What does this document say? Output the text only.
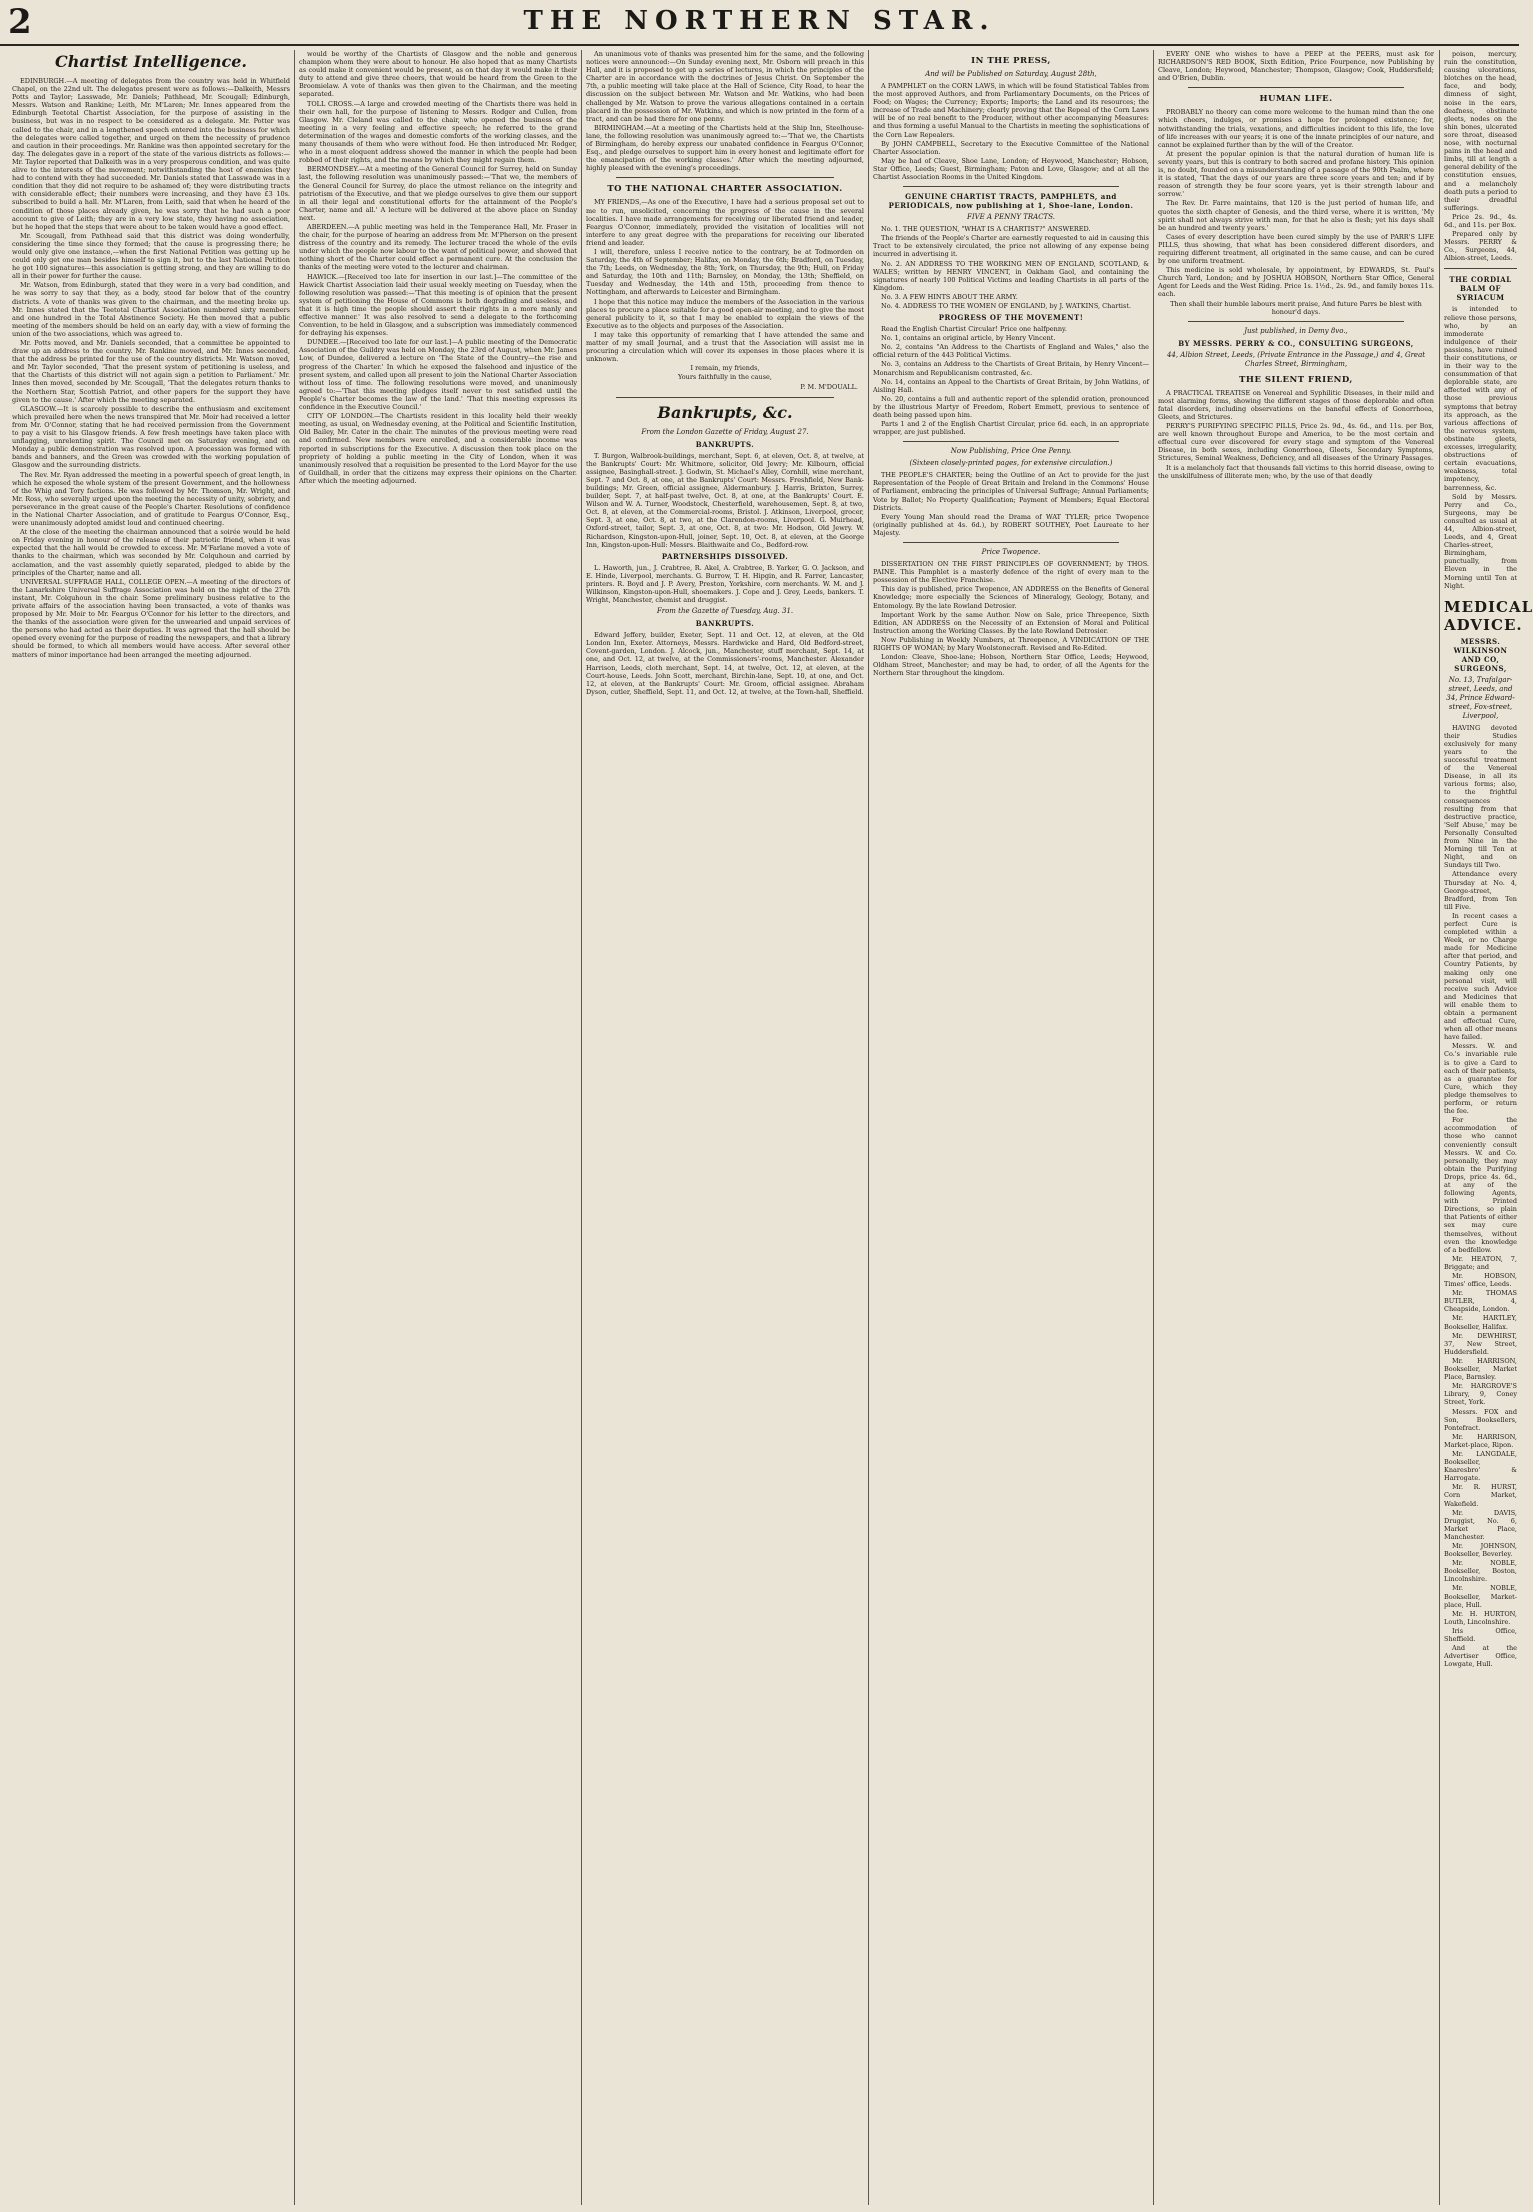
2	THE NORTHERN STAR.
Chartist Intelligence.

EDINBURGH.—A meeting of delegates from the country was held in Whitfield Chapel, on the 22nd ult. The delegates present were as follows:—Dalkeith, Messrs Potts and Taylor; Lasswade, Mr. Daniels; Pathhead, Mr. Scougall; Edinburgh, Messrs. Watson and Rankine; Leith, Mr. M'Laren; Mr. Innes appeared from the Edinburgh Teetotal Chartist Association, for the purpose of assisting in the business, but was in no respect to be considered as a delegate. Mr. Potter was called to the chair, and in a lengthened speech entered into the business for which the delegates were called together, and urged on them the necessity of prudence and caution in their proceedings. Mr. Rankine was then appointed secretary for the day. The delegates gave in a report of the state of the various districts as follows:—Mr. Taylor reported that Dalkeith was in a very prosperous condition, and was quite alive to the interests of the movement; notwithstanding the host of enemies they had to contend with they had succeeded. Mr. Daniels stated that Lasswade was in a condition that they did not require to be ashamed of; they were distributing tracts with considerable effect; their numbers were increasing, and they have £3 10s. subscribed to build a hall. Mr. M'Laren, from Leith, said that when he heard of the condition of those places already given, he was sorry that he had such a poor account to give of Leith; they are in a very low state, they having no association, but he hoped that the steps that were about to be taken would have a good effect.

Mr. Scougall, from Pathhead said that this district was doing wonderfully, considering the time since they formed; that the cause is progressing there; he would only give one instance,—when the first National Petition was getting up he could only get one man besides himself to sign it, but to the last National Petition he got 100 signatures—this association is getting strong, and they are willing to do all in their power for further the cause.

Mr. Watson, from Edinburgh, stated that they were in a very bad condition, and he was sorry to say that they, as a body, stood far below that of the country districts. A vote of thanks was given to the chairman, and the meeting broke up. Mr. Innes stated that the Teetotal Chartist Association numbered sixty members and one hundred in the Total Abstinence Society. He then moved that a public meeting of the members should be held on an early day, with a view of forming the union of the two associations, which was agreed to.

Mr. Potts moved, and Mr. Daniels seconded, that a committee be appointed to draw up an address to the country. Mr. Rankine moved, and Mr. Innes seconded, that the address be printed for the use of the country districts. Mr. Watson moved, and Mr. Taylor seconded, 'That the present system of petitioning is useless, and that the Chartists of this district will not again sign a petition to Parliament.' Mr. Innes then moved, seconded by Mr. Scougall, 'That the delegates return thanks to the Northern Star, Scottish Patriot, and other papers for the support they have given to the cause.' After which the meeting separated.

GLASGOW.—It is scarcely possible to describe the enthusiasm and excitement which prevailed here when the news transpired that Mr. Moir had received a letter from Mr. O'Connor, stating that he had received permission from the Government to pay a visit to his Glasgow friends. A few fresh meetings have taken place with unflagging, unrelenting spirit. The Council met on Saturday evening, and on Monday a public demonstration was resolved upon. A procession was formed with bands and banners, and the Green was crowded with the working population of Glasgow and the surrounding districts.

The Rev. Mr. Ryan addressed the meeting in a powerful speech of great length, in which he exposed the whole system of the present Government, and the hollowness of the Whig and Tory factions. He was followed by Mr. Thomson, Mr. Wright, and Mr. Ross, who severally urged upon the meeting the necessity of unity, sobriety, and perseverance in the great cause of the People's Charter. Resolutions of confidence in the National Charter Association, and of gratitude to Feargus O'Connor, Esq., were unanimously adopted amidst loud and continued cheering.

At the close of the meeting the chairman announced that a soirée would be held on Friday evening in honour of the release of their patriotic friend, when it was expected that the hall would be crowded to excess. Mr. M'Farlane moved a vote of thanks to the chairman, which was seconded by Mr. Colquhoun and carried by acclamation, and the vast assembly quietly separated, pledged to abide by the principles of the Charter, name and all.

UNIVERSAL SUFFRAGE HALL, COLLEGE OPEN.—A meeting of the directors of the Lanarkshire Universal Suffrage Association was held on the night of the 27th instant, Mr. Colquhoun in the chair. Some preliminary business relative to the private affairs of the association having been transacted, a vote of thanks was proposed by Mr. Moir to Mr. Feargus O'Connor for his letter to the directors, and the thanks of the association were given for the unwearied and unpaid services of the persons who had acted as their deputies. It was agreed that the hall should be opened every evening for the purpose of reading the newspapers, and that a library should be formed, to which all members would have access. After several other matters of minor importance had been arranged the meeting adjourned.

would be worthy of the Chartists of Glasgow and the noble and generous champion whom they were about to honour. He also hoped that as many Chartists as could make it convenient would be present, as on that day it would make it their duty to attend and give three cheers, that would be heard from the Green to the Broomielaw. A vote of thanks was then given to the Chairman, and the meeting separated.

TOLL CROSS.—A large and crowded meeting of the Chartists there was held in their own hall, for the purpose of listening to Messrs. Rodger and Cullen, from Glasgow. Mr. Cleland was called to the chair, who opened the business of the meeting in a very feeling and effective speech; he referred to the grand determination of the wages and domestic comforts of the working classes, and the many thousands of them who were without food. He then introduced Mr. Rodger, who in a most eloquent address showed the manner in which the people had been robbed of their rights, and the means by which they might regain them.

BERMONDSEY.—At a meeting of the General Council for Surrey, held on Sunday last, the following resolution was unanimously passed:—'That we, the members of the General Council for Surrey, do place the utmost reliance on the integrity and patriotism of the Executive, and that we pledge ourselves to give them our support in all their legal and constitutional efforts for the attainment of the People's Charter, name and all.' A lecture will be delivered at the above place on Sunday next.

ABERDEEN.—A public meeting was held in the Temperance Hall, Mr. Fraser in the chair, for the purpose of hearing an address from Mr. M'Pherson on the present distress of the country and its remedy. The lecturer traced the whole of the evils under which the people now labour to the want of political power, and showed that nothing short of the Charter could effect a permanent cure. At the conclusion the thanks of the meeting were voted to the lecturer and chairman.

HAWICK.—[Received too late for insertion in our last.]—The committee of the Hawick Chartist Association laid their usual weekly meeting on Tuesday, when the following resolution was passed:—'That this meeting is of opinion that the present system of petitioning the House of Commons is both degrading and useless, and that it is high time the people should assert their rights in a more manly and effective manner.' It was also resolved to send a delegate to the forthcoming Convention, to be held in Glasgow, and a subscription was immediately commenced for defraying his expenses.

DUNDEE.—[Received too late for our last.]—A public meeting of the Democratic Association of the Guildry was held on Monday, the 23rd of August, when Mr. James Low, of Dundee, delivered a lecture on 'The State of the Country—the rise and progress of the Charter.' In which he exposed the falsehood and injustice of the present system, and called upon all present to join the National Charter Association without loss of time. The following resolutions were moved, and unanimously agreed to:—'That this meeting pledges itself never to rest satisfied until the People's Charter becomes the law of the land.' 'That this meeting expresses its confidence in the Executive Council.'

CITY OF LONDON.—The Chartists resident in this locality held their weekly meeting, as usual, on Wednesday evening, at the Political and Scientific Institution, Old Bailey, Mr. Cater in the chair. The minutes of the previous meeting were read and confirmed. New members were enrolled, and a considerable income was reported in subscriptions for the Executive. A discussion then took place on the propriety of holding a public meeting in the City of London, when it was unanimously resolved that a requisition be presented to the Lord Mayor for the use of Guildhall, in order that the citizens may express their opinions on the Charter. After which the meeting adjourned.

An unanimous vote of thanks was presented him for the same, and the following notices were announced:—On Sunday evening next, Mr. Osborn will preach in this Hall, and it is proposed to get up a series of lectures, in which the principles of the Charter are in accordance with the doctrines of Jesus Christ. On September the 7th, a public meeting will take place at the Hall of Science, City Road, to hear the discussion on the subject between Mr. Watson and Mr. Watkins, who had been challenged by Mr. Watson to prove the various allegations contained in a certain placard in the possession of Mr. Watkins, and which is now printed in the form of a tract, and can be had there for one penny.

BIRMINGHAM.—At a meeting of the Chartists held at the Ship Inn, Steelhouse-lane, the following resolution was unanimously agreed to:—'That we, the Chartists of Birmingham, do hereby express our unabated confidence in Feargus O'Connor, Esq., and pledge ourselves to support him in every honest and legitimate effort for the emancipation of the working classes.' After which the meeting adjourned, highly pleased with the evening's proceedings.

TO THE NATIONAL CHARTER ASSOCIATION.

MY FRIENDS,—As one of the Executive, I have had a serious proposal set out to me to run, unsolicited, concerning the progress of the cause in the several localities. I have made arrangements for receiving our liberated friend and leader, Feargus O'Connor, immediately, provided the visitation of localities will not interfere to any great degree with the preparations for receiving our liberated friend and leader.

I will, therefore, unless I receive notice to the contrary, be at Todmorden on Saturday, the 4th of September; Halifax, on Monday, the 6th; Bradford, on Tuesday, the 7th; Leeds, on Wednesday, the 8th; York, on Thursday, the 9th; Hull, on Friday and Saturday, the 10th and 11th; Barnsley, on Monday, the 13th; Sheffield, on Tuesday and Wednesday, the 14th and 15th, proceeding from thence to Nottingham, and afterwards to Leicester and Birmingham.

I hope that this notice may induce the members of the Association in the various places to procure a place suitable for a good open-air meeting, and to give the most general publicity to it, so that I may be enabled to explain the views of the Executive as to the objects and purposes of the Association.

I may take this opportunity of remarking that I have attended the same and matter of my small Journal, and a trust that the Association will assist me in procuring a circulation which will cover its expenses in those places where it is unknown.

I remain, my friends,

Yours faithfully in the cause,

P. M. M'DOUALL.
Bankrupts, &c.
From the London Gazette of Friday, August 27.
BANKRUPTS.

T. Burgon, Walbrook-buildings, merchant, Sept. 6, at eleven, Oct. 8, at twelve, at the Bankrupts' Court: Mr. Whitmore, solicitor, Old Jewry; Mr. Kilbourn, official assignee, Basinghall-street. J. Godwin, St. Michael's Alley, Cornhill, wine merchant, Sept. 7 and Oct. 8, at one, at the Bankrupts' Court: Messrs. Freshfield, New Bank-buildings; Mr. Green, official assignee, Aldermanbury. J. Harris, Brixton, Surrey, builder, Sept. 7, at half-past twelve, Oct. 8, at one, at the Bankrupts' Court. E. Wilson and W. A. Turner, Woodstock, Chesterfield, warehousemen, Sept. 8, at two, Oct. 8, at eleven, at the Commercial-rooms, Bristol. J. Atkinson, Liverpool, grocer, Sept. 3, at one, Oct. 8, at two, at the Clarendon-rooms, Liverpool. G. Muirhead, Oxford-street, tailor, Sept. 3, at one, Oct. 8, at two: Mr. Hodson, Old Jewry. W. Richardson, Kingston-upon-Hull, joiner, Sept. 10, Oct. 8, at eleven, at the George Inn, Kingston-upon-Hull: Messrs. Blaithwaite and Co., Bedford-row.

PARTNERSHIPS DISSOLVED.

L. Haworth, jun., J. Crabtree, R. Akel, A. Crabtree, B. Yarker, G. O. Jackson, and E. Hinde, Liverpool, merchants. G. Burrow, T. H. Hipgin, and R. Farrer, Lancaster, printers. R. Boyd and J. P. Avery, Preston, Yorkshire, corn merchants. W. M. and J. Wilkinson, Kingston-upon-Hull, shoemakers. J. Cope and J. Grey, Leeds, bankers. T. Wright, Manchester, chemist and druggist.

From the Gazette of Tuesday, Aug. 31.
BANKRUPTS.

Edward Jeffery, builder, Exeter, Sept. 11 and Oct. 12, at eleven, at the Old London Inn, Exeter. Attorneys, Messrs. Hardwicke and Hard, Old Bedford-street, Covent-garden, London. J. Alcock, jun., Manchester, stuff merchant, Sept. 14, at one, and Oct. 12, at twelve, at the Commissioners'-rooms, Manchester. Alexander Harrison, Leeds, cloth merchant, Sept. 14, at twelve, Oct. 12, at eleven, at the Court-house, Leeds. John Scott, merchant, Birchin-lane, Sept. 10, at one, and Oct. 12, at eleven, at the Bankrupts' Court: Mr. Groom, official assignee. Abraham Dyson, cutler, Sheffield, Sept. 11, and Oct. 12, at twelve, at the Town-hall, Sheffield.

IN THE PRESS,
And will be Published on Saturday, August 28th,

A PAMPHLET on the CORN LAWS, in which will be found Statistical Tables from the most approved Authors, and from Parliamentary Documents, on the Prices of Food; on Wages; the Currency; Exports; Imports; the Land and its resources; the increase of Trade and Machinery; clearly proving that the Repeal of the Corn Laws will be of no real benefit to the Producer, without other accompanying Measures: and thus forming a useful Manual to the Chartists in meeting the sophistications of the Corn Law Repealers.

By JOHN CAMPBELL, Secretary to the Executive Committee of the National Charter Association.

May be had of Cleave, Shoe Lane, London; of Heywood, Manchester; Hobson, Star Office, Leeds; Guest, Birmingham; Paton and Love, Glasgow; and at all the Chartist Association Rooms in the United Kingdom.

GENUINE CHARTIST TRACTS, PAMPHLETS, and PERIODICALS, now publishing at 1, Shoe-lane, London.
FIVE A PENNY TRACTS.

No. 1. THE QUESTION, "WHAT IS A CHARTIST?" ANSWERED.

The friends of the People's Charter are earnestly requested to aid in causing this Tract to be extensively circulated, the price not allowing of any expense being incurred in advertising it.

No. 2. AN ADDRESS TO THE WORKING MEN OF ENGLAND, SCOTLAND, & WALES; written by HENRY VINCENT, in Oakham Gaol, and containing the signatures of nearly 100 Political Victims and leading Chartists in all parts of the Kingdom.

No. 3. A FEW HINTS ABOUT THE ARMY.

No. 4. ADDRESS TO THE WOMEN OF ENGLAND, by J. WATKINS, Chartist.

PROGRESS OF THE MOVEMENT!

Read the English Chartist Circular! Price one halfpenny.

No. 1, contains an original article, by Henry Vincent.

No. 2, contains "An Address to the Chartists of England and Wales," also the official return of the 443 Political Victims.

No. 3, contains an Address to the Chartists of Great Britain, by Henry Vincent—Monarchism and Republicanism contrasted, &c.

No. 14, contains an Appeal to the Chartists of Great Britain, by John Watkins, of Aisling Hall.

No. 20, contains a full and authentic report of the splendid oration, pronounced by the illustrious Martyr of Freedom, Robert Emmett, previous to sentence of death being passed upon him.

Parts 1 and 2 of the English Chartist Circular, price 6d. each, in an appropriate wrapper, are just published.

Now Publishing, Price One Penny.
(Sixteen closely-printed pages, for extensive circulation.)

THE PEOPLE'S CHARTER; being the Outline of an Act to provide for the just Representation of the People of Great Britain and Ireland in the Commons' House of Parliament, embracing the principles of Universal Suffrage; Annual Parliaments; Vote by Ballot; No Property Qualification; Payment of Members; Equal Electoral Districts.

Every Young Man should read the Drama of WAT TYLER; price Twopence (originally published at 4s. 6d.), by ROBERT SOUTHEY, Poet Laureate to her Majesty.

Price Twopence.

DISSERTATION ON THE FIRST PRINCIPLES OF GOVERNMENT; by THOS. PAINE. This Pamphlet is a masterly defence of the right of every man to the possession of the Elective Franchise.

This day is published, price Twopence, AN ADDRESS on the Benefits of General Knowledge; more especially the Sciences of Mineralogy, Geology, Botany, and Entomology. By the late Rowland Detrosier.

Important Work by the same Author. Now on Sale, price Threepence, Sixth Edition, AN ADDRESS on the Necessity of an Extension of Moral and Political Instruction among the Working Classes. By the late Rowland Detrosier.

Now Publishing in Weekly Numbers, at Threepence, A VINDICATION OF THE RIGHTS OF WOMAN; by Mary Woolstonecraft. Revised and Re-Edited.

London: Cleave, Shoe-lane; Hobson, Northern Star Office, Leeds; Heywood, Oldham Street, Manchester; and may be had, to order, of all the Agents for the Northern Star throughout the kingdom.

EVERY ONE who wishes to have a PEEP at the PEERS, must ask for RICHARDSON'S RED BOOK, Sixth Edition, Price Fourpence, now Publishing by Cleave, London; Heywood, Manchester; Thompson, Glasgow; Cook, Huddersfield; and O'Brien, Dublin.

HUMAN LIFE.

PROBABLY no theory can come more welcome to the human mind than the one which cheers, indulges, or promises a hope for prolonged existence; for, notwithstanding the trials, vexations, and difficulties incident to this life, the love of life increases with our years; it is one of the innate principles of our nature, and cannot be explained further than by the will of the Creator.

At present the popular opinion is that the natural duration of human life is seventy years, but this is contrary to both sacred and profane history. This opinion is, no doubt, founded on a misunderstanding of a passage of the 90th Psalm, where it is stated, 'That the days of our years are three score years and ten; and if by reason of strength they be four score years, yet is their strength labour and sorrow.'

The Rev. Dr. Farre maintains, that 120 is the just period of human life, and quotes the sixth chapter of Genesis, and the third verse, where it is written, 'My spirit shall not always strive with man, for that he also is flesh; yet his days shall be an hundred and twenty years.'

Cases of every description have been cured simply by the use of PARR'S LIFE PILLS, thus showing, that what has been considered different disorders, and requiring different treatment, all originated in the same cause, and can be cured by one uniform treatment.

This medicine is sold wholesale, by appointment, by EDWARDS, St. Paul's Church Yard, London; and by JOSHUA HOBSON, Northern Star Office, General Agent for Leeds and the West Riding. Price 1s. 1½d., 2s. 9d., and family boxes 11s. each.

Then shall their humble labours merit praise, And future Parrs be blest with honour'd days.

Just published, in Demy 8vo.,
BY MESSRS. PERRY & CO., CONSULTING SURGEONS,
44, Albion Street, Leeds, (Private Entrance in the Passage,) and 4, Great Charles Street, Birmingham,
THE SILENT FRIEND,

A PRACTICAL TREATISE on Venereal and Syphilitic Diseases, in their mild and most alarming forms, showing the different stages of those deplorable and often fatal disorders, including observations on the baneful effects of Gonorrhoea, Gleets, and Strictures.

PERRY'S PURIFYING SPECIFIC PILLS, Price 2s. 9d., 4s. 6d., and 11s. per Box, are well known throughout Europe and America, to be the most certain and effectual cure ever discovered for every stage and symptom of the Venereal Disease, in both sexes, including Gonorrhoea, Gleets, Secondary Symptoms, Strictures, Seminal Weakness, Deficiency, and all diseases of the Urinary Passages.

It is a melancholy fact that thousands fall victims to this horrid disease, owing to the unskilfulness of illiterate men; who, by the use of that deadly

poison, mercury, ruin the constitution, causing ulcerations, blotches on the head, face, and body, dimness of sight, noise in the ears, deafness, obstinate gleets, nodes on the shin bones, ulcerated sore throat, diseased nose, with nocturnal pains in the head and limbs, till at length a general debility of the constitution ensues, and a melancholy death puts a period to their dreadful sufferings.

Price 2s. 9d., 4s. 6d., and 11s. per Box.

Prepared only by Messrs. PERRY & Co., Surgeons, 44, Albion-street, Leeds.

THE CORDIAL BALM OF SYRIACUM

is intended to relieve those persons, who, by an immoderate indulgence of their passions, have ruined their constitutions, or in their way to the consummation of that deplorable state, are affected with any of those previous symptoms that betray its approach, as the various affections of the nervous system, obstinate gleets, excesses, irregularity, obstructions of certain evacuations, weakness, total impotency, barrenness, &c.

Sold by Messrs. Perry and Co., Surgeons, may be consulted as usual at 44, Albion-street, Leeds, and 4, Great Charles-street, Birmingham, punctually, from Eleven in the Morning until Ten at Night.

MEDICAL ADVICE.
MESSRS. WILKINSON AND CO, SURGEONS,
No. 13, Trafalgar-street, Leeds, and 34, Prince Edward-street, Fox-street, Liverpool,

HAVING devoted their Studies exclusively for many years to the successful treatment of the Venereal Disease, in all its various forms; also, to the frightful consequences resulting from that destructive practice, 'Self Abuse,' may be Personally Consulted from Nine in the Morning till Ten at Night, and on Sundays till Two.

Attendance every Thursday at No. 4, George-street, Bradford, from Ten till Five.

In recent cases a perfect Cure is completed within a Week, or no Charge made for Medicine after that period, and Country Patients, by making only one personal visit, will receive such Advice and Medicines that will enable them to obtain a permanent and effectual Cure, when all other means have failed.

Messrs. W. and Co.'s invariable rule is to give a Card to each of their patients, as a guarantee for Cure, which they pledge themselves to perform, or return the fee.

For the accommodation of those who cannot conveniently consult Messrs. W. and Co. personally, they may obtain the Purifying Drops, price 4s. 6d., at any of the following Agents, with Printed Directions, so plain that Patients of either sex may cure themselves, without even the knowledge of a bedfellow.

Mr. HEATON, 7, Briggate; and

Mr. HOBSON, Times' office, Leeds.

Mr. THOMAS BUTLER, 4, Cheapside, London.

Mr. HARTLEY, Bookseller, Halifax.

Mr. DEWHIRST, 37, New Street, Huddersfield.

Mr. HARRISON, Bookseller, Market Place, Barnsley.

Mr. HARGROVE'S Library, 9, Coney Street, York.

Messrs. FOX and Son, Booksellers, Pontefract.

Mr. HARRISON, Market-place, Ripon.

Mr. LANGDALE, Bookseller, Knaresbro' & Harrogate.

Mr. R. HURST, Corn Market, Wakefield.

Mr. DAVIS, Druggist, No. 6, Market Place, Manchester.

Mr. JOHNSON, Bookseller, Beverley.

Mr. NOBLE, Bookseller, Boston, Lincolnshire.

Mr. NOBLE, Bookseller, Market-place, Hull.

Mr. H. HURTON, Louth, Lincolnshire.

Iris Office, Sheffield.

And at the Advertiser Office, Lowgate, Hull.
